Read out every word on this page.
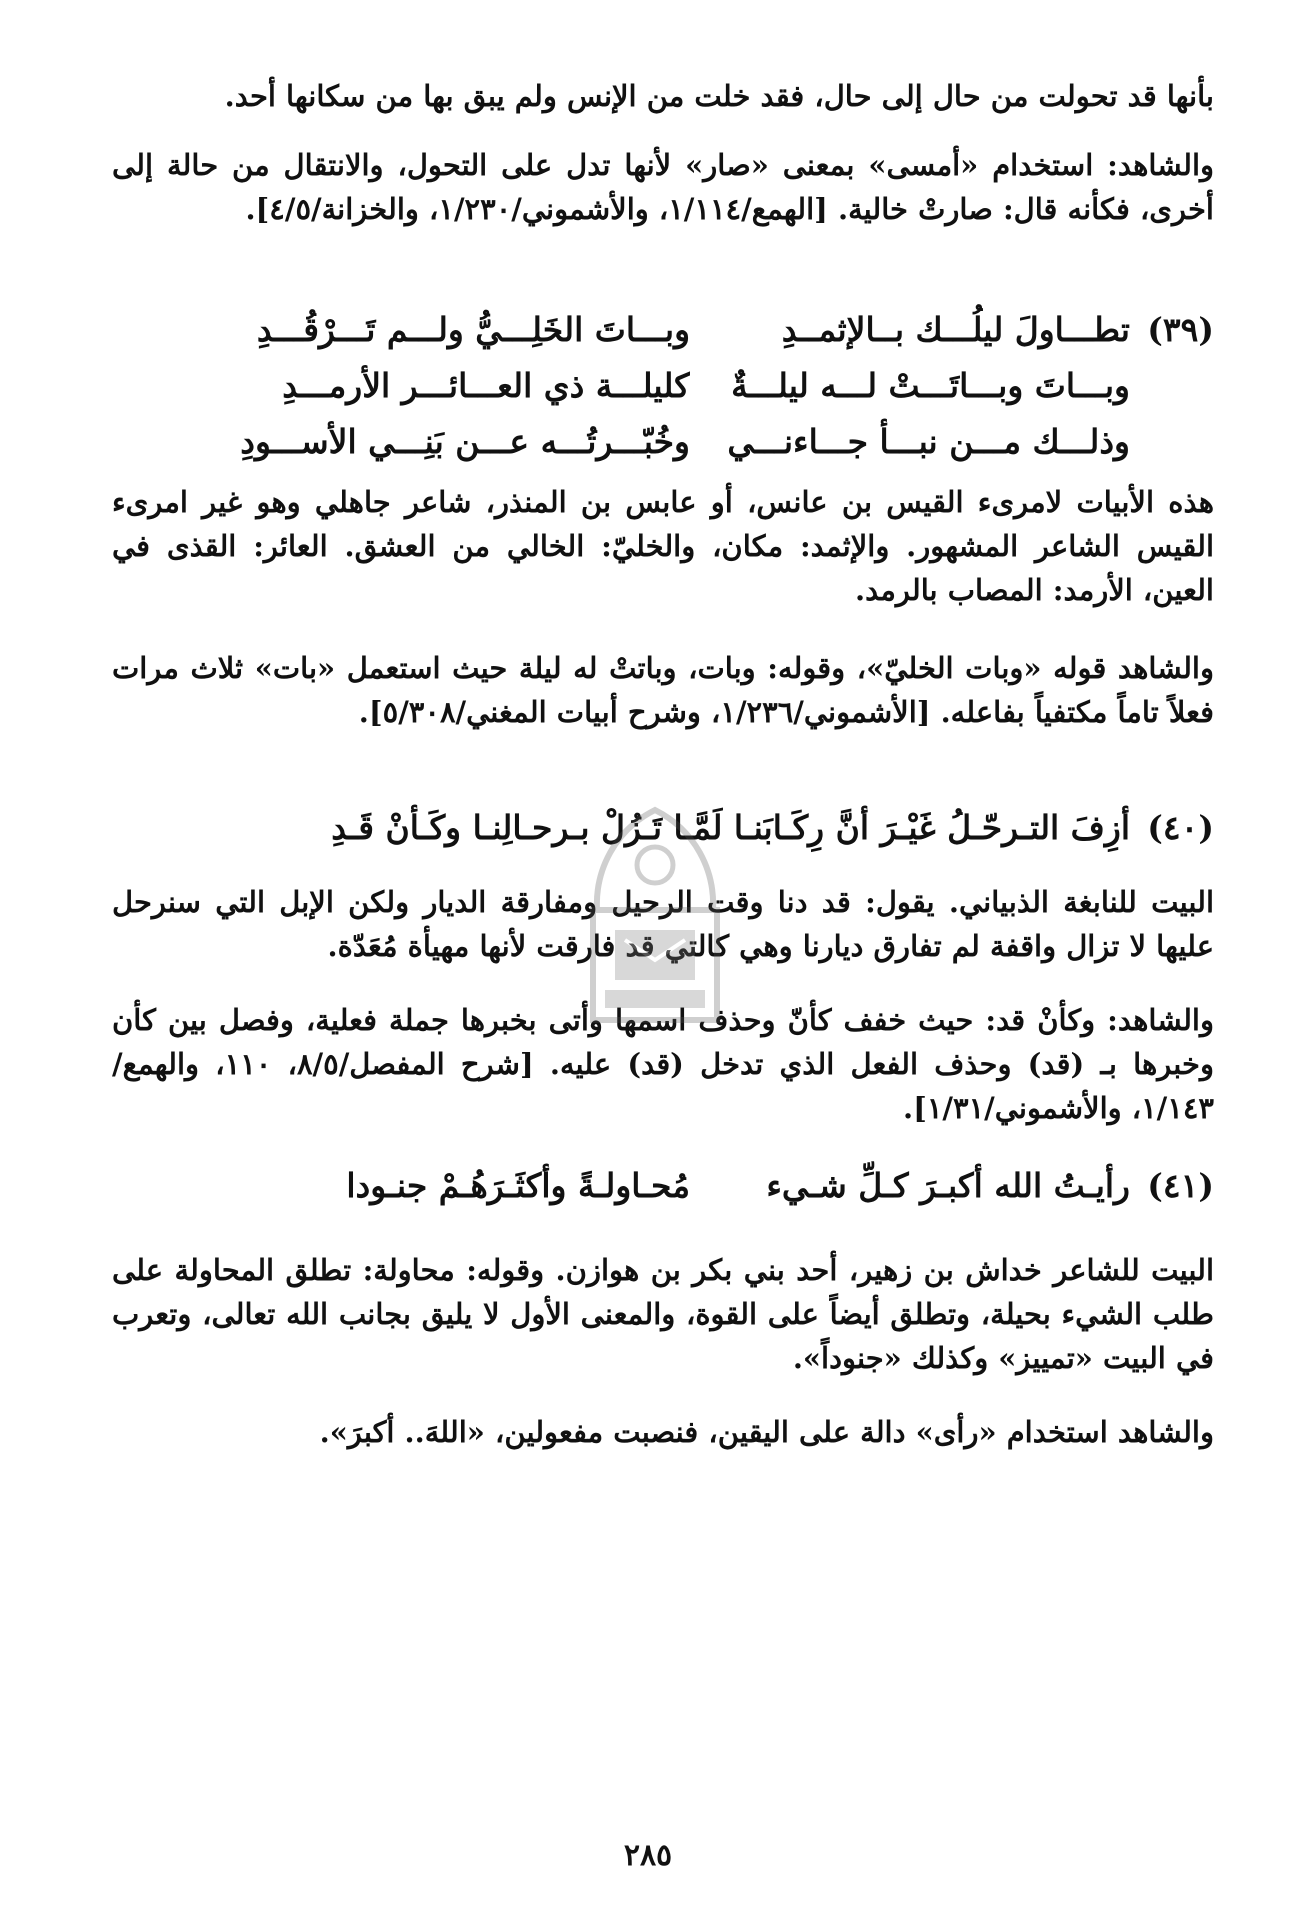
بأنها قد تحولت من حال إلى حال، فقد خلت من الإنس ولم يبق بها من سكانها أحد.

والشاهد: استخدام «أمسى» بمعنى «صار» لأنها تدل على التحول، والانتقال من حالة إلى أخرى، فكأنه قال: صارتْ خالية. [الهمع/١/١١٤، والأشموني/١/٢٣٠، والخزانة/٤/٥].

(٣٩)
تطـــاولَ ليلُـــك بــالإثمــدِ
وبـــاتَ الخَلِـــيُّ ولـــم تَـــرْقُـــدِ
وبـــاتَ وبـــاتَـــتْ لـــه ليلـــةٌ
كليلـــة ذي العـــائـــر الأرمـــدِ
وذلـــك مـــن نبـــأ جـــاءنـــي
وخُبّـــرتُـــه عـــن بَنِـــي الأســـودِ

هذه الأبيات لامرىء القيس بن عانس، أو عابس بن المنذر، شاعر جاهلي وهو غير امرىء القيس الشاعر المشهور. والإثمد: مكان، والخليّ: الخالي من العشق. العائر: القذى في العين، الأرمد: المصاب بالرمد.

والشاهد قوله «وبات الخليّ»، وقوله: وبات، وباتتْ له ليلة حيث استعمل «بات» ثلاث مرات فعلاً تاماً مكتفياً بفاعله. [الأشموني/١/٢٣٦، وشرح أبيات المغني/٥/٣٠٨].

(٤٠)
أزِفَ التـرحّـلُ غَيْـرَ أنَّ رِكَـابَنـا لَمَّـا تَـزُلْ بـرحـالِنـا وكَـأنْ قَـدِ

البيت للنابغة الذبياني. يقول: قد دنا وقت الرحيل ومفارقة الديار ولكن الإبل التي سنرحل عليها لا تزال واقفة لم تفارق ديارنا وهي كالتي قد فارقت لأنها مهيأة مُعَدّة.

والشاهد: وكأنْ قد: حيث خفف كأنّ وحذف اسمها وأتى بخبرها جملة فعلية، وفصل بين كأن وخبرها بـ (قد) وحذف الفعل الذي تدخل (قد) عليه. [شرح المفصل/٨/٥، ١١٠، والهمع/١/١٤٣، والأشموني/١/٣١].

(٤١)
رأيـتُ الله أكبـرَ كـلِّ شـيء
مُحـاولـةً وأكثَـرَهُـمْ جنـودا

البيت للشاعر خداش بن زهير، أحد بني بكر بن هوازن. وقوله: محاولة: تطلق المحاولة على طلب الشيء بحيلة، وتطلق أيضاً على القوة، والمعنى الأول لا يليق بجانب الله تعالى، وتعرب في البيت «تمييز» وكذلك «جنوداً».

والشاهد استخدام «رأى» دالة على اليقين، فنصبت مفعولين، «اللهَ.. أكبرَ».

٢٨٥
